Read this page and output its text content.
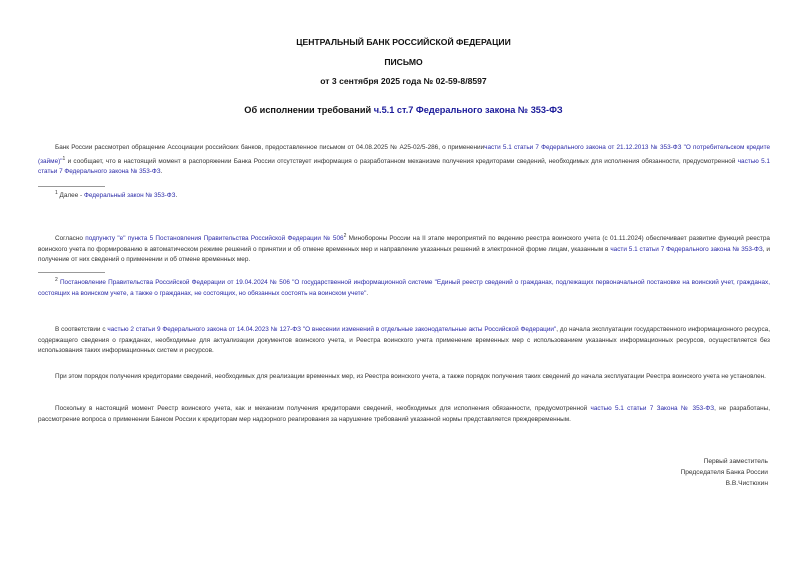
ЦЕНТРАЛЬНЫЙ БАНК РОССИЙСКОЙ ФЕДЕРАЦИИ
ПИСЬМО
от 3 сентября 2025 года № 02-59-8/8597
Об исполнении требований ч.5.1 ст.7 Федерального закона № 353-ФЗ
Банк России рассмотрел обращение Ассоциации российских банков, предоставленное письмом от 04.08.2025 № А25-02/5-286, о применениичасти 5.1 статьи 7 Федерального закона от 21.12.2013 № 353-ФЗ "О потребительском кредите (займе)"$^1$ и сообщает, что в настоящий момент в распоряжении Банка России отсутствует информация о разработанном механизме получения кредиторами сведений, необходимых для исполнения обязанности, предусмотренной частью 5.1 статьи 7 Федерального закона № 353-ФЗ.
$^1$ Далее - Федеральный закон № 353-ФЗ.
Согласно подпункту "е" пункта 5 Постановления Правительства Российской Федерации № 506$^2$ Минобороны России на II этапе мероприятий по ведению реестра воинского учета (с 01.11.2024) обеспечивает развитие функций реестра воинского учета по формированию в автоматическом режиме решений о принятии и об отмене временных мер и направление указанных решений в электронной форме лицам, указанным в части 5.1 статьи 7 Федерального закона № 353-ФЗ, и получение от них сведений о применении и об отмене временных мер.
$^2$ Постановление Правительства Российской Федерации от 19.04.2024 № 506 "О государственной информационной системе "Единый реестр сведений о гражданах, подлежащих первоначальной постановке на воинский учет, гражданах, состоящих на воинском учете, а также о гражданах, не состоящих, но обязанных состоять на воинском учете".
В соответствии с частью 2 статьи 9 Федерального закона от 14.04.2023 № 127-ФЗ "О внесении изменений в отдельные законодательные акты Российской Федерации", до начала эксплуатации государственного информационного ресурса, содержащего сведения о гражданах, необходимые для актуализации документов воинского учета, и Реестра воинского учета применение временных мер с использованием указанных информационных ресурсов, осуществляется без использования таких информационных систем и ресурсов.
При этом порядок получения кредиторами сведений, необходимых для реализации временных мер, из Реестра воинского учета, а также порядок получения таких сведений до начала эксплуатации Реестра воинского учета не установлен.
Поскольку в настоящий момент Реестр воинского учета, как и механизм получения кредиторами сведений, необходимых для исполнения обязанности, предусмотренной частью 5.1 статьи 7 Закона № 353-ФЗ, не разработаны, рассмотрение вопроса о применении Банком России к кредиторам мер надзорного реагирования за нарушение требований указанной нормы представляется преждевременным.
Первый заместитель
Председателя Банка России
В.В.Чистюхин
